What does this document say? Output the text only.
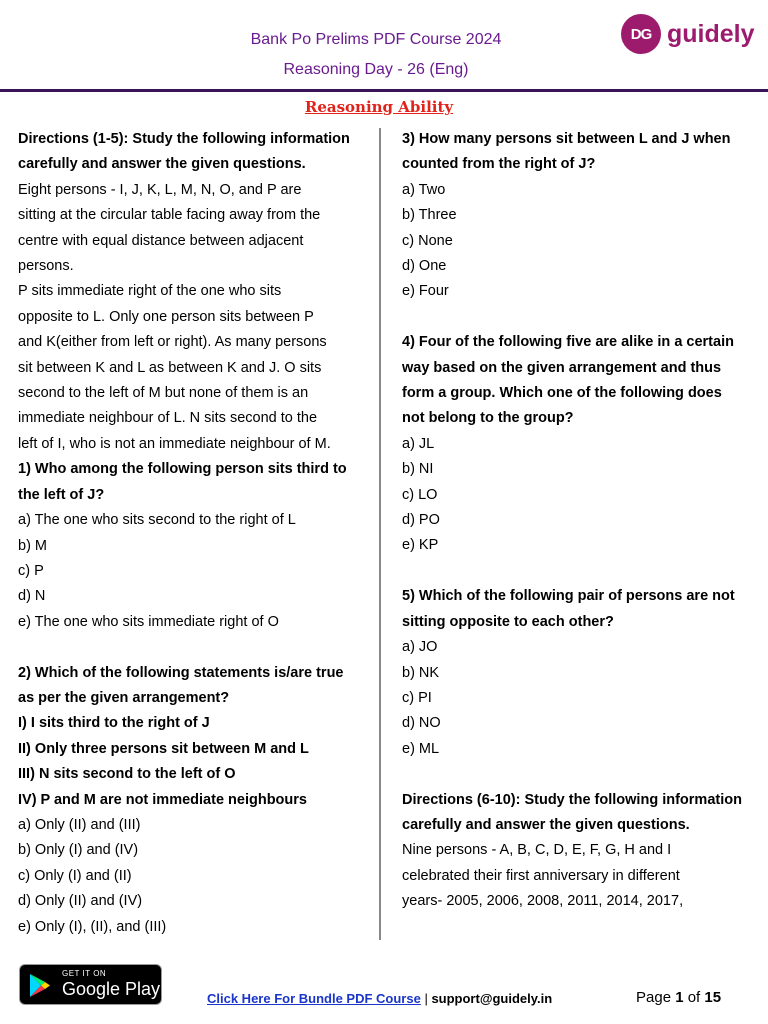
Bank Po Prelims PDF Course 2024
Reasoning Day - 26 (Eng)
DG guidely
Reasoning Ability
Directions (1-5): Study the following information
carefully and answer the given questions.
Eight persons - I, J, K, L, M, N, O, and P are
sitting at the circular table facing away from the
centre with equal distance between adjacent
persons.
P sits immediate right of the one who sits
opposite to L. Only one person sits between P
and K(either from left or right). As many persons
sit between K and L as between K and J. O sits
second to the left of M but none of them is an
immediate neighbour of L. N sits second to the
left of I, who is not an immediate neighbour of M.
1) Who among the following person sits third to
the left of J?
a) The one who sits second to the right of L
b) M
c) P
d) N
e) The one who sits immediate right of O
2) Which of the following statements is/are true
as per the given arrangement?
I) I sits third to the right of J
II) Only three persons sit between M and L
III) N sits second to the left of O
IV) P and M are not immediate neighbours
a) Only (II) and (III)
b) Only (I) and (IV)
c) Only (I) and (II)
d) Only (II) and (IV)
e) Only (I), (II), and (III)
3) How many persons sit between L and J when
counted from the right of J?
a) Two
b) Three
c) None
d) One
e) Four
4) Four of the following five are alike in a certain
way based on the given arrangement and thus
form a group. Which one of the following does
not belong to the group?
a) JL
b) NI
c) LO
d) PO
e) KP
5) Which of the following pair of persons are not
sitting opposite to each other?
a) JO
b) NK
c) PI
d) NO
e) ML
Directions (6-10): Study the following information
carefully and answer the given questions.
Nine persons - A, B, C, D, E, F, G, H and I
celebrated their first anniversary in different
years- 2005, 2006, 2008, 2011, 2014, 2017,
GET IT ON
Google Play	Click Here For Bundle PDF Course | support@guidely.in	Page 1 of 15
